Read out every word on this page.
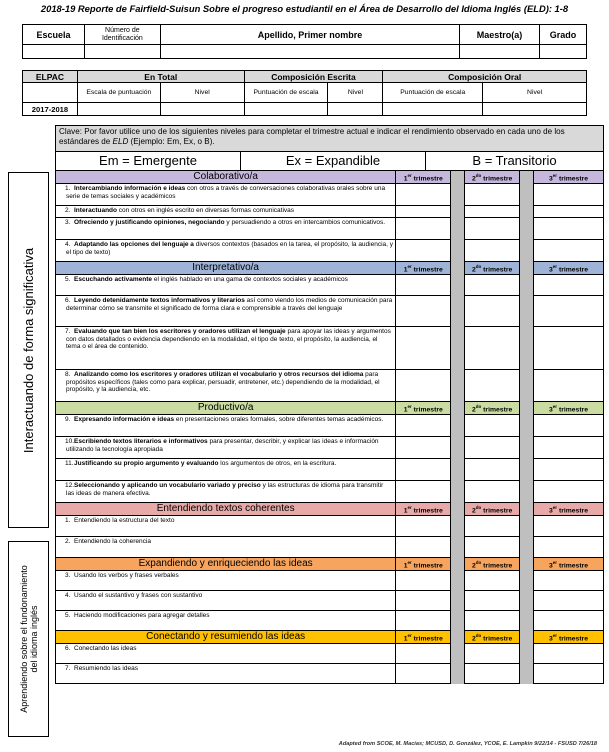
2018-19 Reporte de Fairfield-Suisun Sobre el progreso estudiantil en el Área de Desarrollo del Idioma Inglés (ELD): 1-8
Escuela	Número de Identificación	Apellido, Primer nombre	Maestro(a)	Grado

ELPAC	En Total		Composición Escrita		Composición Oral	
	Escala de puntuación	Nivel	Puntuación de escala	Nivel	Puntuación de escala	Nivel
2017-2018						
Interactuando de forma significativa
Aprendiendo sobre el fundonamiento del idioma inglés
Clave: Por favor utilice uno de los siguientes niveles para completar el trimestre actual e indicar el rendimiento observado en cada uno de los estándares de ELD (Ejemplo: Em, Ex, o B).					

Em = Emergente Ex = Expandible B = Transitorio					

Colaborativo/a	1er trimestre		$2^{do}$ trimestre		3er trimestre
1. Intercambiando información e ideas con otros a través de conversaciones colaborativas orales sobre una serie de temas sociales y académicos					
2. Interactuando con otros en inglés escrito en diversas formas comunicativas					
3. Ofreciendo y justificando opiniones, negociando y persuadiendo a otros en intercambios comunicativos.					
4. Adaptando las opciones del lenguaje a diversos contextos (basados en la tarea, el propósito, la audiencia, y el tipo de texto)					
Interpretativo/a	1er trimestre		$2^{do}$ trimestre		3er trimestre
5. Escuchando activamente el inglés hablado en una gama de contextos sociales y académicos					
6. Leyendo detenidamente textos informativos y literarios así como viendo los medios de comunicación para determinar cómo se transmite el significado de forma clara e comprensible a través del lenguaje					
7. Evaluando que tan bien los escritores y oradores utilizan el lenguaje para apoyar las ideas y argumentos con datos detallados o evidencia dependiendo en la modalidad, el tipo de texto, el propósito, la audiencia, el tema o el área de contenido.					
8. Analizando como los escritores y oradores utilizan el vocabulario y otros recursos del idioma para propósitos específicos (tales como para explicar, persuadir, entretener, etc.) dependiendo de la modalidad, el propósito, y la audiencia, etc.					
Productivo/a	1er trimestre		$2^{do}$ trimestre		3er trimestre
9. Expresando información e ideas en presentaciones orales formales, sobre diferentes temas académicos.					
10.Escribiendo textos literarios e informativos para presentar, describir, y explicar las ideas e información utilizando la tecnología apropiada					
11.Justificando su propio argumento y evaluando los argumentos de otros, en la escritura.					
12.Seleccionando y aplicando un vocabulario variado y preciso y las estructuras de idioma para transmitir las ideas de manera efectiva.					
Entendiendo textos coherentes	1er trimestre		$2^{do}$ trimestre		3er trimestre
1. Entendiendo la estructura del texto					
2. Entendiendo la coherencia					
Expandiendo y enriqueciendo las ideas	1er trimestre		$2^{do}$ trimestre		3er trimestre
3. Usando los verbos y frases verbales					
4. Usando el sustantivo y frases con sustantivo					
5. Haciendo modificaciones para agregar detalles					
Conectando y resumiendo las ideas	1er trimestre		$2^{do}$ trimestre		3er trimestre
6. Conectando las ideas					
7. Resumiendo las ideas					
Adapted from SCOE, M. Macías; MCUSD, D. González, YCOE, E. Lampkin 9/22/14 - FSUSD 7/26/18
